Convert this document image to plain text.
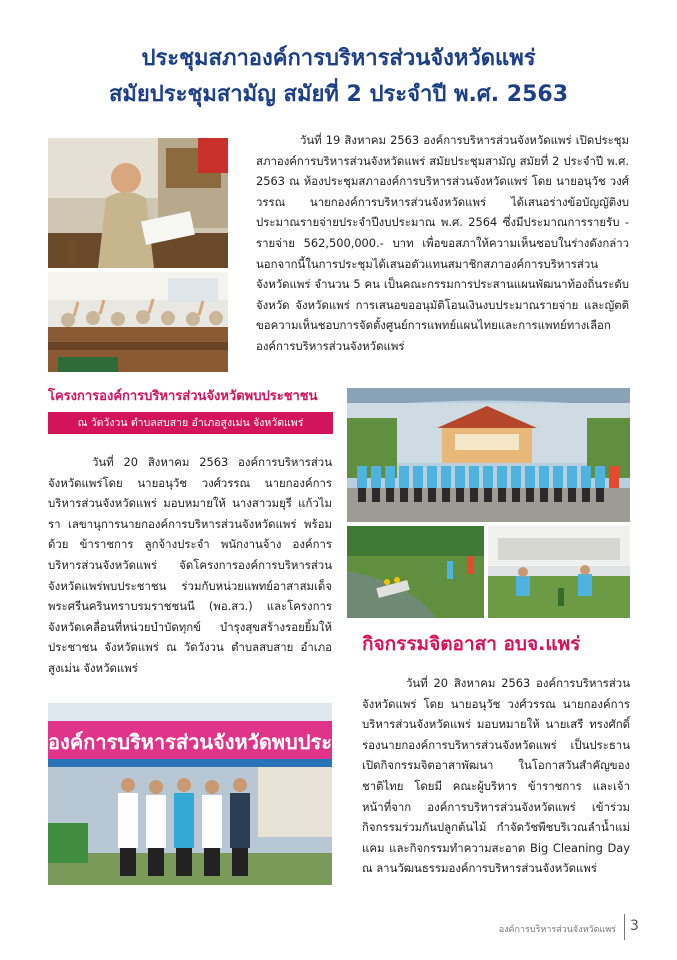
ประชุมสภาองค์การบริหารส่วนจังหวัดแพร่
สมัยประชุมสามัญ สมัยที่ 2 ประจำปี พ.ศ. 2563

วันที่ 19 สิงหาคม 2563 องค์การบริหารส่วนจังหวัดแพร่ เปิดประชุมสภาองค์การบริหารส่วนจังหวัดแพร่ สมัยประชุมสามัญ สมัยที่ 2 ประจำปี พ.ศ. 2563 ณ ห้องประชุมสภาองค์การบริหารส่วนจังหวัดแพร่ โดย นายอนุวัช วงศ์วรรณ นายกองค์การบริหารส่วนจังหวัดแพร่ ได้เสนอร่างข้อบัญญัติงบประมาณรายจ่ายประจำปีงบประมาณ พ.ศ. 2564 ซึ่งมีประมาณการรายรับ - รายจ่าย 562,500,000.- บาท เพื่อขอสภาให้ความเห็นชอบในร่างดังกล่าว นอกจากนี้ในการประชุมได้เสนอตัวแทนสมาชิกสภาองค์การบริหารส่วนจังหวัดแพร่ จำนวน 5 คน เป็นคณะกรรมการประสานแผนพัฒนาท้องถิ่นระดับจังหวัด จังหวัดแพร่ การเสนอขออนุมัติโอนเงินงบประมาณรายจ่าย และญัตติขอความเห็นชอบการจัดตั้งศูนย์การแพทย์แผนไทยและการแพทย์ทางเลือกองค์การบริหารส่วนจังหวัดแพร่

โครงการองค์การบริหารส่วนจังหวัดพบประชาชน
ณ วัดวังวน ตำบลสบสาย อำเภอสูงเม่น จังหวัดแพร่

วันที่ 20 สิงหาคม 2563 องค์การบริหารส่วนจังหวัดแพร่โดย นายอนุวัช วงศ์วรรณ นายกองค์การบริหารส่วนจังหวัดแพร่ มอบหมายให้ นางสาวมยุรี แก้วไมรา เลขานุการนายกองค์การบริหารส่วนจังหวัดแพร่ พร้อมด้วย ข้าราชการ ลูกจ้างประจำ พนักงานจ้าง องค์การบริหารส่วนจังหวัดแพร่ จัดโครงการองค์การบริหารส่วนจังหวัดแพร่พบประชาชน ร่วมกับหน่วยแพทย์อาสาสมเด็จพระศรีนครินทราบรมราชชนนี (พอ.สว.) และโครงการจังหวัดเคลื่อนที่หน่วยบำบัดทุกข์ บำรุงสุขสร้างรอยยิ้มให้ประชาชน จังหวัดแพร่ ณ วัดวังวน ตำบลสบสาย อำเภอสูงเม่น จังหวัดแพร่

องค์การบริหารส่วนจังหวัดพบประ
กิจกรรมจิตอาสา อบจ.แพร่

วันที่ 20 สิงหาคม 2563 องค์การบริหารส่วนจังหวัดแพร่ โดย นายอนุวัช วงศ์วรรณ นายกองค์การบริหารส่วนจังหวัดแพร่ มอบหมายให้ นายเสรี ทรงศักดิ์ รองนายกองค์การบริหารส่วนจังหวัดแพร่ เป็นประธานเปิดกิจกรรมจิตอาสาพัฒนา ในโอกาสวันสำคัญของชาติไทย โดยมี คณะผู้บริหาร ข้าราชการ และเจ้าหน้าที่จาก องค์การบริหารส่วนจังหวัดแพร่ เข้าร่วมกิจกรรมร่วมกันปลูกต้นไม้ กำจัดวัชพืชบริเวณลำน้ำแม่แคม และกิจกรรมทำความสะอาด Big Cleaning Day ณ ลานวัฒนธรรมองค์การบริหารส่วนจังหวัดแพร่

องค์การบริหารส่วนจังหวัดแพร่ 3
